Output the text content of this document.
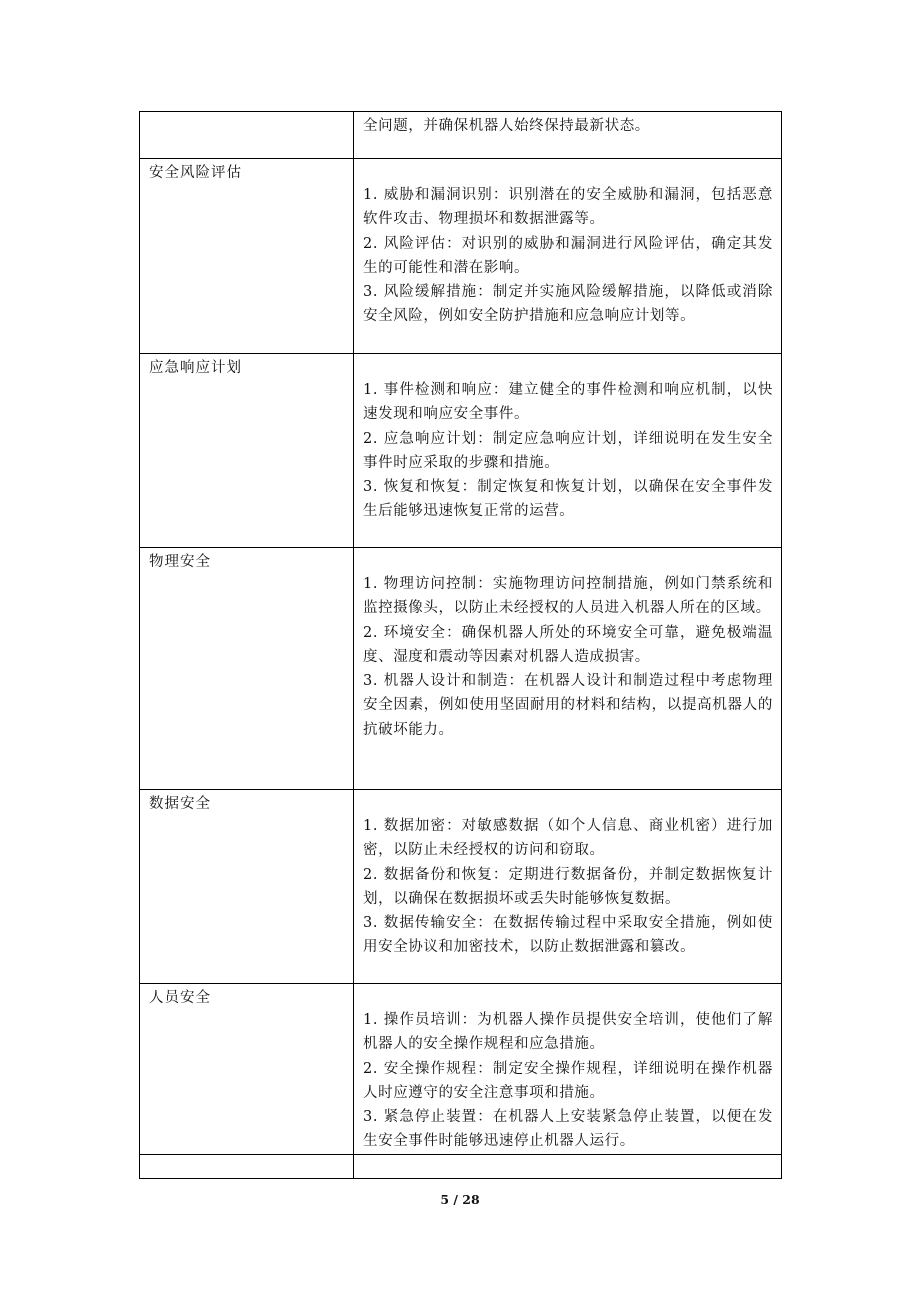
	全问题，并确保机器人始终保持最新状态。

安全风险评估	1. 威胁和漏洞识别：识别潜在的安全威胁和漏洞，包括恶意软件攻击、物理损坏和数据泄露等。

2. 风险评估：对识别的威胁和漏洞进行风险评估，确定其发生的可能性和潜在影响。

3. 风险缓解措施：制定并实施风险缓解措施，以降低或消除安全风险，例如安全防护措施和应急响应计划等。

应急响应计划	1. 事件检测和响应：建立健全的事件检测和响应机制，以快速发现和响应安全事件。

2. 应急响应计划：制定应急响应计划，详细说明在发生安全事件时应采取的步骤和措施。

3. 恢复和恢复：制定恢复和恢复计划，以确保在安全事件发生后能够迅速恢复正常的运营。

物理安全	1. 物理访问控制：实施物理访问控制措施，例如门禁系统和监控摄像头，以防止未经授权的人员进入机器人所在的区域。

2. 环境安全：确保机器人所处的环境安全可靠，避免极端温度、湿度和震动等因素对机器人造成损害。

3. 机器人设计和制造：在机器人设计和制造过程中考虑物理安全因素，例如使用坚固耐用的材料和结构，以提高机器人的抗破坏能力。

数据安全	1. 数据加密：对敏感数据（如个人信息、商业机密）进行加密，以防止未经授权的访问和窃取。

2. 数据备份和恢复：定期进行数据备份，并制定数据恢复计划，以确保在数据损坏或丢失时能够恢复数据。

3. 数据传输安全：在数据传输过程中采取安全措施，例如使用安全协议和加密技术，以防止数据泄露和篡改。

人员安全	1. 操作员培训：为机器人操作员提供安全培训，使他们了解机器人的安全操作规程和应急措施。

2. 安全操作规程：制定安全操作规程，详细说明在操作机器人时应遵守的安全注意事项和措施。

3. 紧急停止装置：在机器人上安装紧急停止装置，以便在发生安全事件时能够迅速停止机器人运行。

5 / 28
